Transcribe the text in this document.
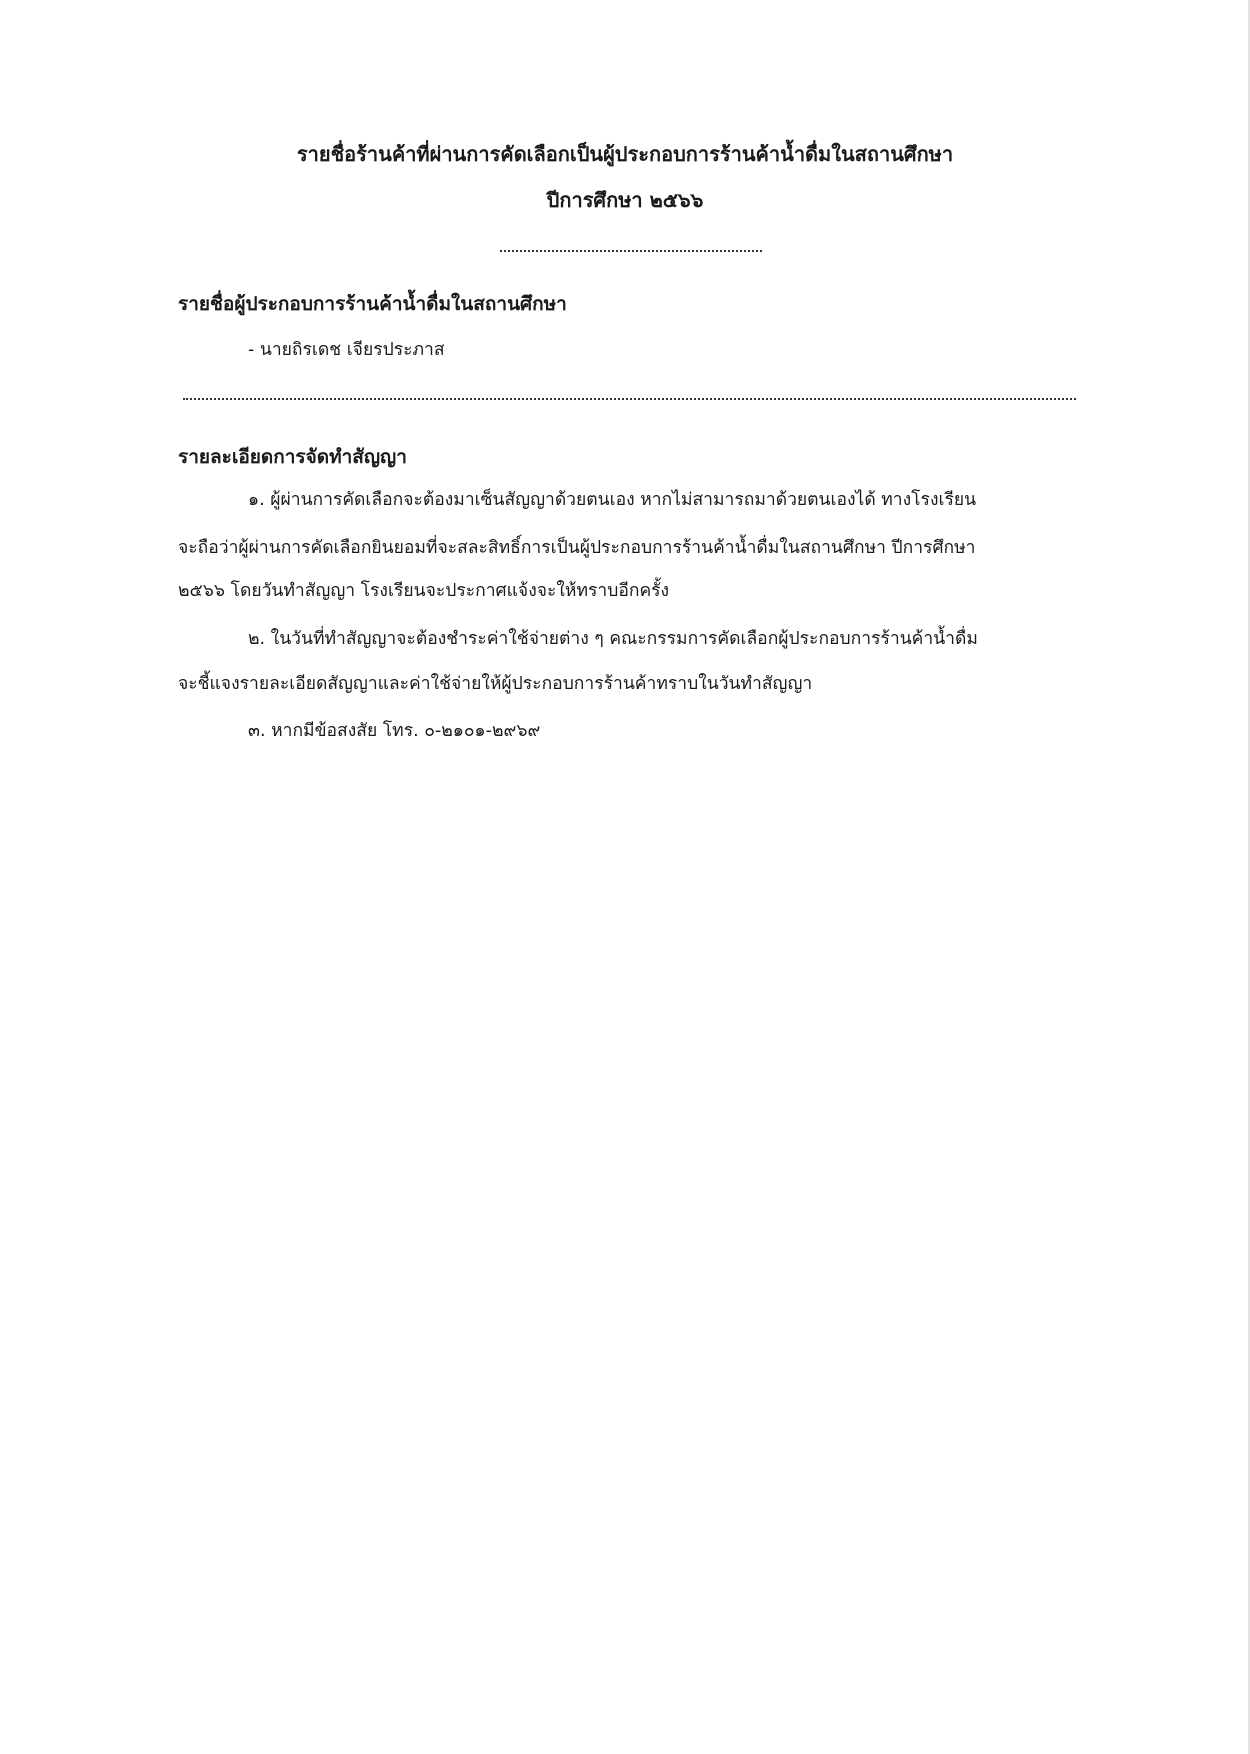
รายชื่อร้านค้าที่ผ่านการคัดเลือกเป็นผู้ประกอบการร้านค้าน้ำดื่มในสถานศึกษา
ปีการศึกษา ๒๕๖๖
รายชื่อผู้ประกอบการร้านค้าน้ำดื่มในสถานศึกษา
- นายถิรเดช เจียรประภาส
รายละเอียดการจัดทำสัญญา
๑. ผู้ผ่านการคัดเลือกจะต้องมาเซ็นสัญญาด้วยตนเอง หากไม่สามารถมาด้วยตนเองได้ ทางโรงเรียน
จะถือว่าผู้ผ่านการคัดเลือกยินยอมที่จะสละสิทธิ์การเป็นผู้ประกอบการร้านค้าน้ำดื่มในสถานศึกษา ปีการศึกษา
๒๕๖๖ โดยวันทำสัญญา โรงเรียนจะประกาศแจ้งจะให้ทราบอีกครั้ง
๒. ในวันที่ทำสัญญาจะต้องชำระค่าใช้จ่ายต่าง ๆ คณะกรรมการคัดเลือกผู้ประกอบการร้านค้าน้ำดื่ม
จะชี้แจงรายละเอียดสัญญาและค่าใช้จ่ายให้ผู้ประกอบการร้านค้าทราบในวันทำสัญญา
๓. หากมีข้อสงสัย โทร. ๐-๒๑๐๑-๒๙๖๙
